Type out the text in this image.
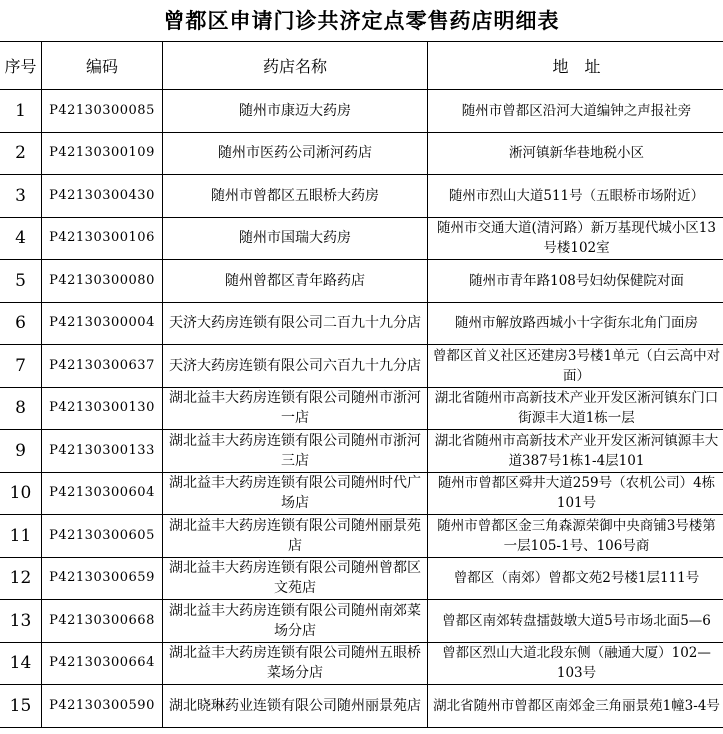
曾都区申请门诊共济定点零售药店明细表
序号	编码	药店名称	地　址
1	P42130300085	随州市康迈大药房	随州市曾都区沿河大道编钟之声报社旁
2	P42130300109	随州市医药公司淅河药店	淅河镇新华巷地税小区
3	P42130300430	随州市曾都区五眼桥大药房	随州市烈山大道511号（五眼桥市场附近）
4	P42130300106	随州市国瑞大药房	随州市交通大道(清河路）新万基现代城小区13号楼102室
5	P42130300080	随州曾都区青年路药店	随州市青年路108号妇幼保健院对面
6	P42130300004	天济大药房连锁有限公司二百九十九分店	随州市解放路西城小十字街东北角门面房
7	P42130300637	天济大药房连锁有限公司六百九十九分店	曾都区首义社区还建房3号楼1单元（白云高中对面）
8	P42130300130	湖北益丰大药房连锁有限公司随州市浙河一店	湖北省随州市高新技术产业开发区淅河镇东门口街源丰大道1栋一层
9	P42130300133	湖北益丰大药房连锁有限公司随州市浙河三店	湖北省随州市高新技术产业开发区淅河镇源丰大道387号1栋1-4层101
10	P42130300604	湖北益丰大药房连锁有限公司随州时代广场店	随州市曾都区舜井大道259号（农机公司）4栋101号
11	P42130300605	湖北益丰大药房连锁有限公司随州丽景苑店	随州市曾都区金三角森源荣御中央商铺3号楼第一层105-1号、106号商
12	P42130300659	湖北益丰大药房连锁有限公司随州曾都区文苑店	曾都区（南郊）曾都文苑2号楼1层111号
13	P42130300668	湖北益丰大药房连锁有限公司随州南郊菜场分店	曾都区南郊转盘擂鼓墩大道5号市场北面5—6
14	P42130300664	湖北益丰大药房连锁有限公司随州五眼桥菜场分店	曾都区烈山大道北段东侧（融通大厦）102—103号
15	P42130300590	湖北晓琳药业连锁有限公司随州丽景苑店	湖北省随州市曾都区南郊金三角丽景苑1幢3-4号
